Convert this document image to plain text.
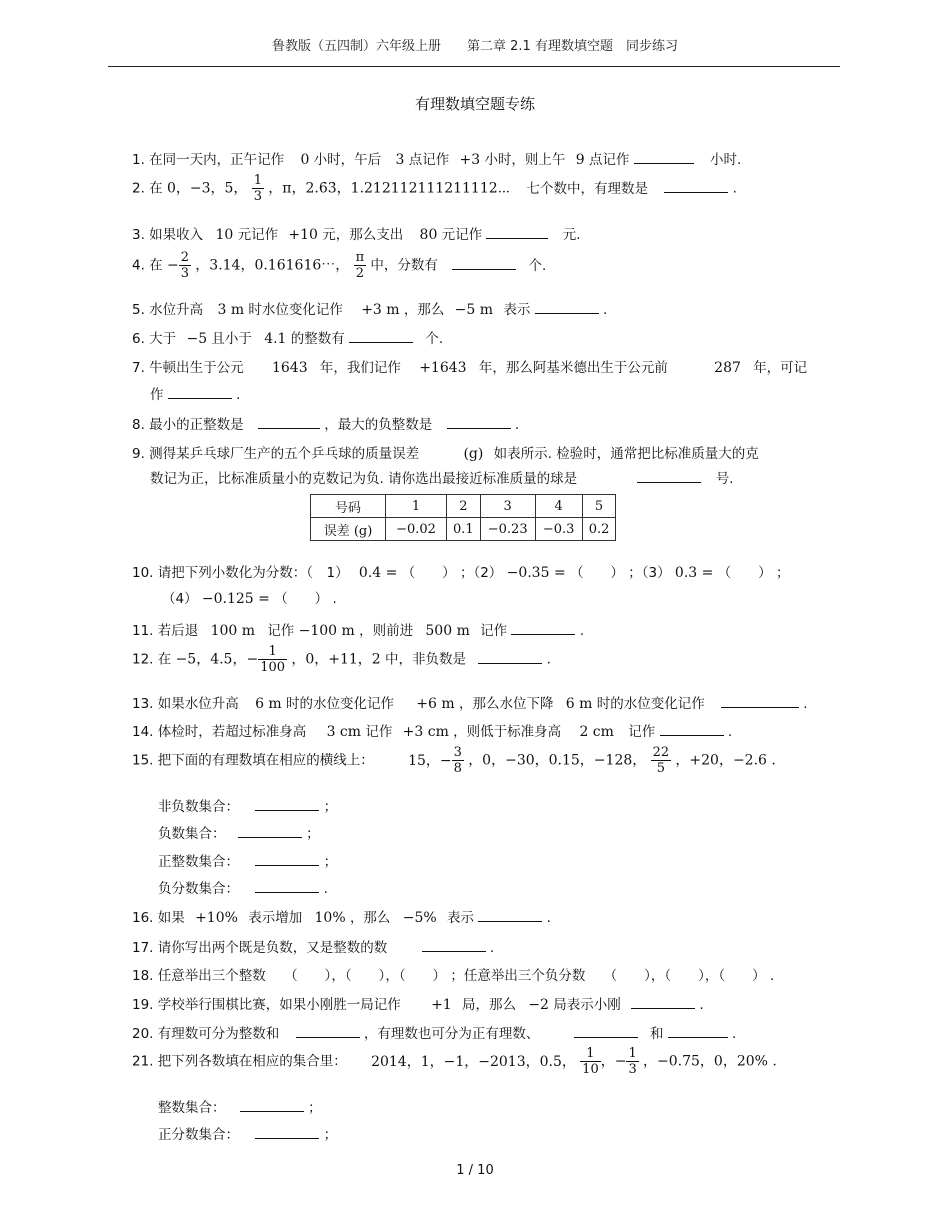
鲁教版（五四制）六年级上册　　第二章 2.1 有理数填空题　同步练习
有理数填空题专练
1. 在同一天内，正午记作 0 小时，午后 3 点记作 +3 小时，则上午 9 点记作	小时.
2. 在 0，−3，5， $\frac{1}{3}$ ，π，2.6̇3̇，1.212112111211112⋯ 七个数中，有理数是	.
3. 如果收入 10 元记作 +10 元，那么支出 80 元记作	元.
4. 在 − $\frac{2}{3}$ ，3.14，0.161616⋯， $\frac{\pi}{2}$ 中，分数有	个.
5. 水位升高 3 m 时水位变化记作 +3 m ，那么 −5 m 表示	.
6. 大于 −5 且小于 4.1 的整数有	个.
7. 牛顿出生于公元 1643 年，我们记作 +1643 年，那么阿基米德出生于公元前	287 年，可记
作	.
8. 最小的正整数是	，最大的负整数是	.
9. 测得某乒乓球厂生产的五个乒乓球的质量误差	(g) 如表所示. 检验时，通常把比标准质量大的克
数记为正，比标准质量小的克数记为负. 请你选出最接近标准质量的球是	号.
号码	1	2	3	4	5
误差 (g)	−0.02	0.1	−0.23	−0.3	0.2
10. 请把下列小数化为分数：（　1） 0.4 = （　　） ；（2） −0.35 = （　　） ；（3） 0.3 = （　　） ；
（4） −0.125 = （　　） .
11. 若后退 100 m 记作 −100 m ，则前进 500 m 记作	.
12. 在 −5，4.5，− $\frac{1}{100}$ ，0，+11，2 中，非负数是	.
13. 如果水位升高 6 m 时的水位变化记作 +6 m ，那么水位下降 6 m 时的水位变化记作	.
14. 体检时，若超过标准身高 3 cm 记作 +3 cm ，则低于标准身高 2 cm 记作	.
15. 把下面的有理数填在相应的横线上： 15，− $\frac{3}{8}$ ，0，−30，0.15，−128， $\frac{22}{5}$ ，+20，−2.6 .
非负数集合：	；
负数集合：	；
正整数集合：	；
负分数集合：	.
16. 如果 +10% 表示增加 10% ，那么 −5% 表示	.
17. 请你写出两个既是负数，又是整数的数	.
18. 任意举出三个整数 （　　），（　　），（　　） ；任意举出三个负分数 （　　），（　　），（　　） .
19. 学校举行围棋比赛，如果小刚胜一局记作 +1 局，那么 −2 局表示小刚	.
20. 有理数可分为整数和	，有理数也可分为正有理数、	和	.
21. 把下列各数填在相应的集合里： 2014，1，−1，−2013，0.5， $\frac{1}{10}$ ，− $\frac{1}{3}$ ，−0.75，0，20% .
整数集合：	；
正分数集合：	；
1 / 10
